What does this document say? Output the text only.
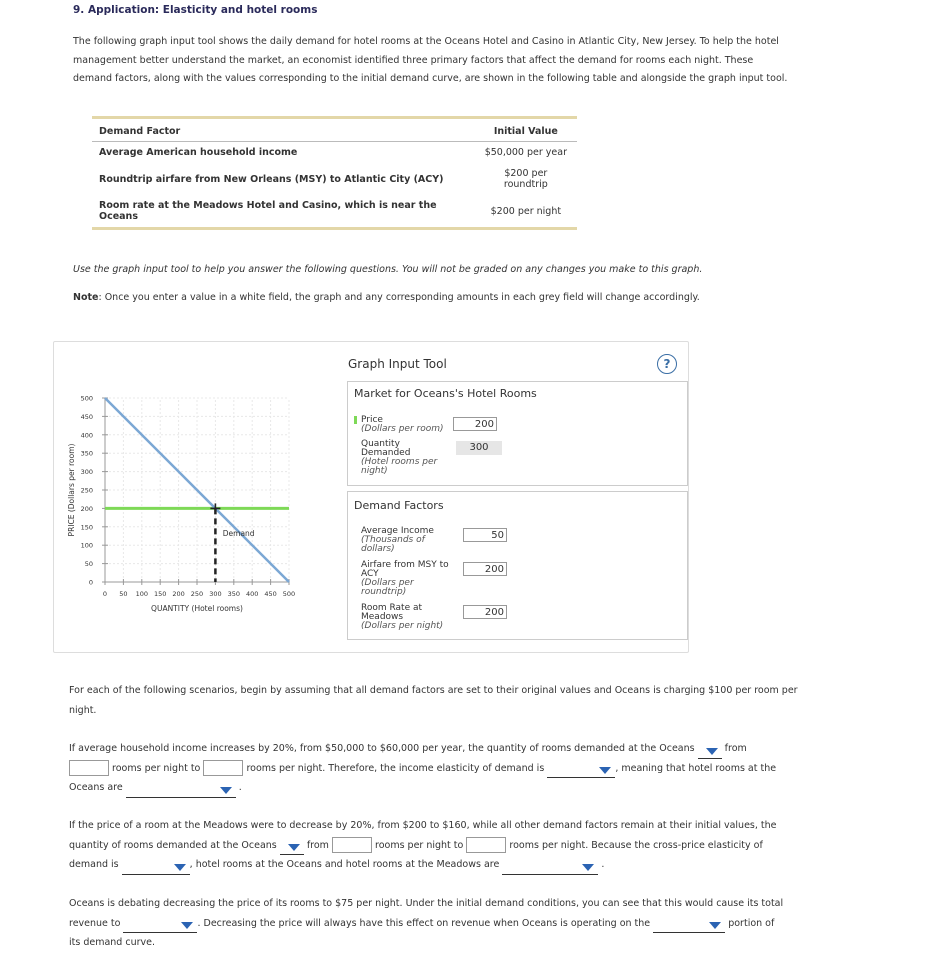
9. Application: Elasticity and hotel rooms
The following graph input tool shows the daily demand for hotel rooms at the Oceans Hotel and Casino in Atlantic City, New Jersey. To help the hotel management better understand the market, an economist identified three primary factors that affect the demand for rooms each night. These demand factors, along with the values corresponding to the initial demand curve, are shown in the following table and alongside the graph input tool.
Demand Factor	Initial Value
Average American household income	$50,000 per year
Roundtrip airfare from New Orleans (MSY) to Atlantic City (ACY)	$200 per roundtrip
Room rate at the Meadows Hotel and Casino, which is near the Oceans	$200 per night
Use the graph input tool to help you answer the following questions. You will not be graded on any changes you make to this graph.
Note: Once you enter a value in a white field, the graph and any corresponding amounts in each grey field will change accordingly.
0
50
100
150
200
250
300
350
400
450
500
0 50 100 150 200 250 300 350 400 450 500
QUANTITY (Hotel rooms)
PRICE (Dollars per room)	Demand
Graph Input Tool	?
Market for Oceans's Hotel Rooms
Price
(Dollars per room)	200
Quantity
Demanded
(Hotel rooms per
night)
300
Demand Factors
Average Income
(Thousands of
dollars)
50
Airfare from MSY to
ACY
(Dollars per
roundtrip)
200
Room Rate at
Meadows
(Dollars per night)
200
For each of the following scenarios, begin by assuming that all demand factors are set to their original values and Oceans is charging $100 per room per night.
If average household income increases by 20%, from $50,000 to $60,000 per year, the quantity of rooms demanded at the Oceans	from
rooms per night to	rooms per night. Therefore, the income elasticity of demand is	, meaning that hotel rooms at the
Oceans are	.
If the price of a room at the Meadows were to decrease by 20%, from $200 to $160, while all other demand factors remain at their initial values, the
quantity of rooms demanded at the Oceans	from	rooms per night to	rooms per night. Because the cross-price elasticity of
demand is	, hotel rooms at the Oceans and hotel rooms at the Meadows are	.
Oceans is debating decreasing the price of its rooms to $75 per night. Under the initial demand conditions, you can see that this would cause its total
revenue to	. Decreasing the price will always have this effect on revenue when Oceans is operating on the	portion of
its demand curve.
